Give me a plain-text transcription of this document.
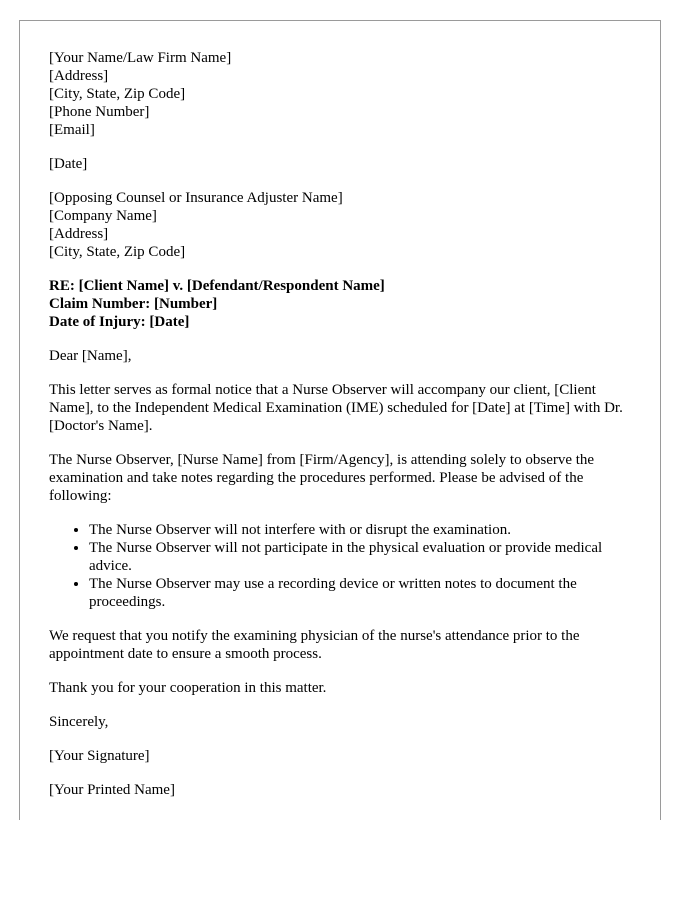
[Your Name/Law Firm Name]
[Address]
[City, State, Zip Code]
[Phone Number]
[Email]
[Date]
[Opposing Counsel or Insurance Adjuster Name]
[Company Name]
[Address]
[City, State, Zip Code]
RE: [Client Name] v. [Defendant/Respondent Name]
Claim Number: [Number]
Date of Injury: [Date]

Dear [Name],

This letter serves as formal notice that a Nurse Observer will accompany our client, [Client Name], to the Independent Medical Examination (IME) scheduled for [Date] at [Time] with Dr. [Doctor's Name].

The Nurse Observer, [Nurse Name] from [Firm/Agency], is attending solely to observe the examination and take notes regarding the procedures performed. Please be advised of the following:

• The Nurse Observer will not interfere with or disrupt the examination.
• The Nurse Observer will not participate in the physical evaluation or provide medical advice.
• The Nurse Observer may use a recording device or written notes to document the proceedings.

We request that you notify the examining physician of the nurse's attendance prior to the appointment date to ensure a smooth process.

Thank you for your cooperation in this matter.

Sincerely,

[Your Signature]

[Your Printed Name]
